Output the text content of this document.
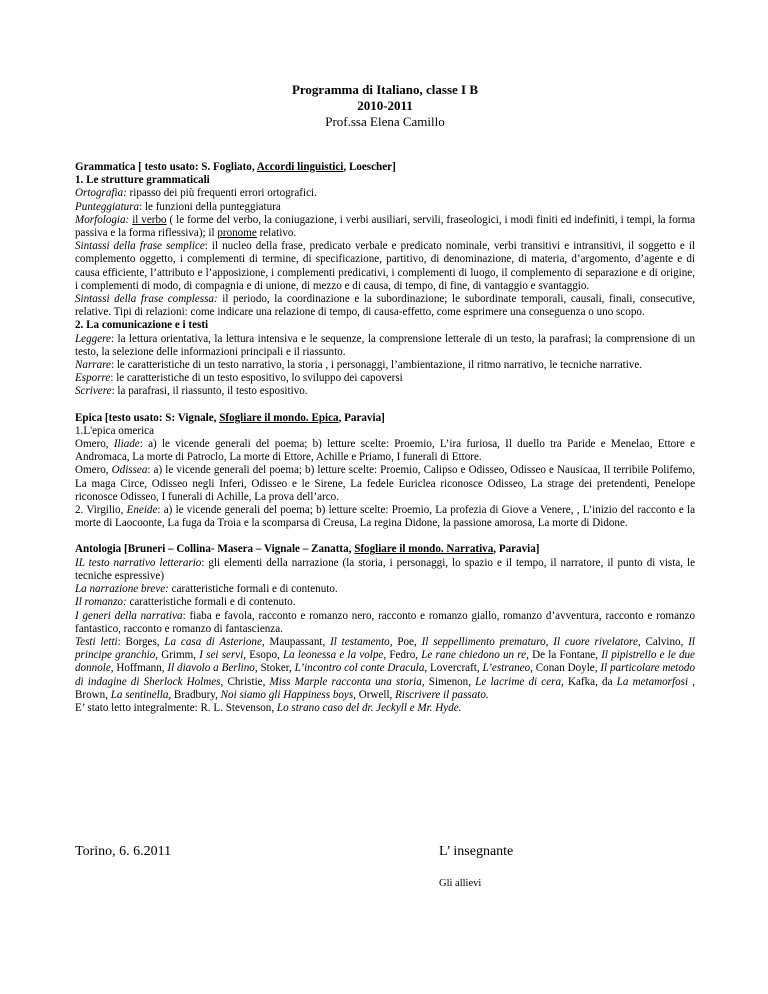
Programma di Italiano, classe I B
2010-2011
Prof.ssa Elena Camillo

Grammatica [ testo usato: S. Fogliato, Accordi linguistici, Loescher]

1. Le strutture grammaticali

Ortografia: ripasso dei più frequenti errori ortografici.

Punteggiatura: le funzioni della punteggiatura

Morfologia: il verbo ( le forme del verbo, la coniugazione, i verbi ausiliari, servili, fraseologici, i modi finiti ed indefiniti, i tempi, la forma passiva e la forma riflessiva); il pronome relativo.

Sintassi della frase semplice: il nucleo della frase, predicato verbale e predicato nominale, verbi transitivi e intransitivi, il soggetto e il complemento oggetto, i complementi di termine, di specificazione, partitivo, di denominazione, di materia, d’argomento, d’agente e di causa efficiente, l’attributo e l’apposizione, i complementi predicativi, i complementi di luogo, il complemento di separazione e di origine, i complementi di modo, di compagnia e di unione, di mezzo e di causa, di tempo, di fine, di vantaggio e svantaggio.

Sintassi della frase complessa: il periodo, la coordinazione e la subordinazione; le subordinate temporali, causali, finali, consecutive, relative. Tipi di relazioni: come indicare una relazione di tempo, di causa-effetto, come esprimere una conseguenza o uno scopo.

2. La comunicazione e i testi

Leggere: la lettura orientativa, la lettura intensiva e le sequenze, la comprensione letterale di un testo, la parafrasi; la comprensione di un testo, la selezione delle informazioni principali e il riassunto.

Narrare: le caratteristiche di un testo narrativo, la storia , i personaggi, l’ambientazione, il ritmo narrativo, le tecniche narrative.

Esporre: le caratteristiche di un testo espositivo, lo sviluppo dei capoversi

Scrivere: la parafrasi, il riassunto, il testo espositivo.

Epica [testo usato: S: Vignale, Sfogliare il mondo. Epica, Paravia]

1.L'epica omerica

Omero, Iliade: a) le vicende generali del poema; b) letture scelte: Proemio, L’ira furiosa, Il duello tra Paride e Menelao, Ettore e Andromaca, La morte di Patroclo, La morte di Ettore, Achille e Priamo, I funerali di Ettore.

Omero, Odissea: a) le vicende generali del poema; b) letture scelte: Proemio, Calipso e Odisseo, Odisseo e Nausicaa, Il terribile Polifemo, La maga Circe, Odisseo negli Inferi, Odisseo e le Sirene, La fedele Euriclea riconosce Odisseo, La strage dei pretendenti, Penelope riconosce Odisseo, I funerali di Achille, La prova dell’arco.

2. Virgilio, Eneide: a) le vicende generali del poema; b) letture scelte: Proemio, La profezia di Giove a Venere, , L’inizio del racconto e la morte di Laocoonte, La fuga da Troia e la scomparsa di Creusa, La regina Didone, la passione amorosa, La morte di Didone.

Antologia [Bruneri – Collina- Masera – Vignale – Zanatta, Sfogliare il mondo. Narrativa, Paravia]

IL testo narrativo letterario: gli elementi della narrazione (la storia, i personaggi, lo spazio e il tempo, il narratore, il punto di vista, le tecniche espressive)

La narrazione breve: caratteristiche formali e di contenuto.

Il romanzo: caratteristiche formali e di contenuto.

I generi della narrativa: fiaba e favola, racconto e romanzo nero, racconto e romanzo giallo, romanzo d’avventura, racconto e romanzo fantastico, racconto e romanzo di fantascienza.

Testi letti: Borges, La casa di Asterione, Maupassant, Il testamento, Poe, Il seppellimento prematuro, Il cuore rivelatore, Calvino, Il principe granchio, Grimm, I sei servi, Esopo, La leonessa e la volpe, Fedro, Le rane chiedono un re, De la Fontane, Il pipistrello e le due donnole, Hoffmann, Il diavolo a Berlino, Stoker, L’incontro col conte Dracula, Lovercraft, L’estraneo, Conan Doyle, Il particolare metodo di indagine di Sherlock Holmes, Christie, Miss Marple racconta una storia, Simenon, Le lacrime di cera, Kafka, da La metamorfosi , Brown, La sentinella, Bradbury, Noi siamo gli Happiness boys, Orwell, Riscrivere il passato.

E’ stato letto integralmente: R. L. Stevenson, Lo strano caso del dr. Jeckyll e Mr. Hyde.

Torino, 6. 6.2011	L’ insegnante
Gli allievi
